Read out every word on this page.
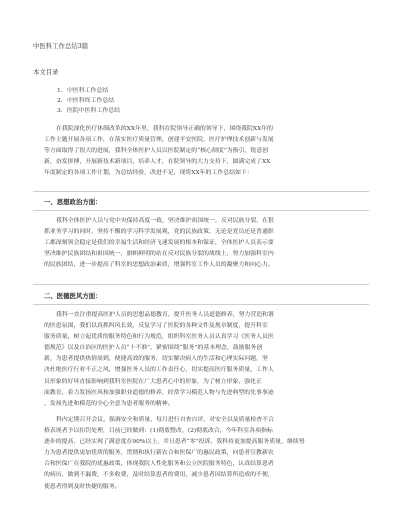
中医科工作总结3篇
本文目录
1. 中医科工作总结
2. 中医科终工作总结
3. 医院中医科工作总结
在我院深化医疗体制改革的XX年里，我科在院领导正确的领导下，围绕我院XX年的
工作主题开展各项工作，在落实医疗质量管理，创建平安医院，医疗护理技术创新与发展
等方面取得了很大的进展，我科全体医护人员以医院制定的“核心制度”为指引，锐意创
新，奋发拼搏，开展新技术新项目，培养人才，在院领导的大力支持下，圆满完成了XX
年度制定的各项工作计划，为总结经验，改进不足，现将XX年的工作总结如下：
一、思想政治方面：
我科全体医护人员与党中央保持高度一致，坚决维护祖国统一，反对民族分裂，在狠
抓业务学习的同时，坚持不懈的学习科学发展观，党的民族政策，无论是党员还是普通职
工都深刻领会稳定是我们的幸福生活和经济飞速发展的根本和保证，全体医护人员表示要
坚决维护民族团结和祖国统一，旗帜鲜明的站在反对民族分裂的战线上，努力加强科室内
的民族团结，进一步提高了科室的思想政治素质，增强科室工作人员的凝聚力和向心力。
二、医德医风方面：
我科一直注重提高医护人员的思想品德教育，提升医务人员道德修养，努力营造和谐
的医患氛围，我们以真抓纠风长效，反复学习了医院的各种文件及规章制度，提升科室
服务质量，树立起优质的服务特色和行为规范，组织科室医务人员认真学习《医务人员医
德规范》以及自治区的医护人员“十不准”，紧密围绕“服务”的基本理念，鼓励服务创
新，为患者提供热情周到，便捷高效的服务，切实解决病人的生活和心理实际问题，坚
决杜绝医疗行业不正之风，增强医务人员的工作责任心，切实提高医疗服务质量，工作人
员形象的好坏直接影响到我科室医院在广大患者心中的形象，为了树立形象，强化正
面教育，着力发扬医风和加强职业道德的修养，经常学习模范人物与先进典型的先事事迹
，发扬先进和模范的全心全意为患者服务的精神。
科内定期召开会议，强调安全和质量，每月进行自查自评，对安全以及质量检查不合
格表现者予以扣罚处理，目前已经做到：(1)彻底整改，(2)彻底改合，今年科室各项指标
逐步的提高，已经实现了满意度在90%以上，并且患者“零”投诉，我科持更加提高服务质量，继续努
力为患者提供更加优质的服务，贯彻和执行新农合和医保广的惠民政策，向患者宣教新农
合和医保广在我院的优惠政策，体现我院人性化服务和公立医院服务特色，认真结算患者
的病历，做到不漏费，不多收费，及时结算患者的费用，减少患者因结算所造成的不便，
使患者得到及时快捷的服务。
